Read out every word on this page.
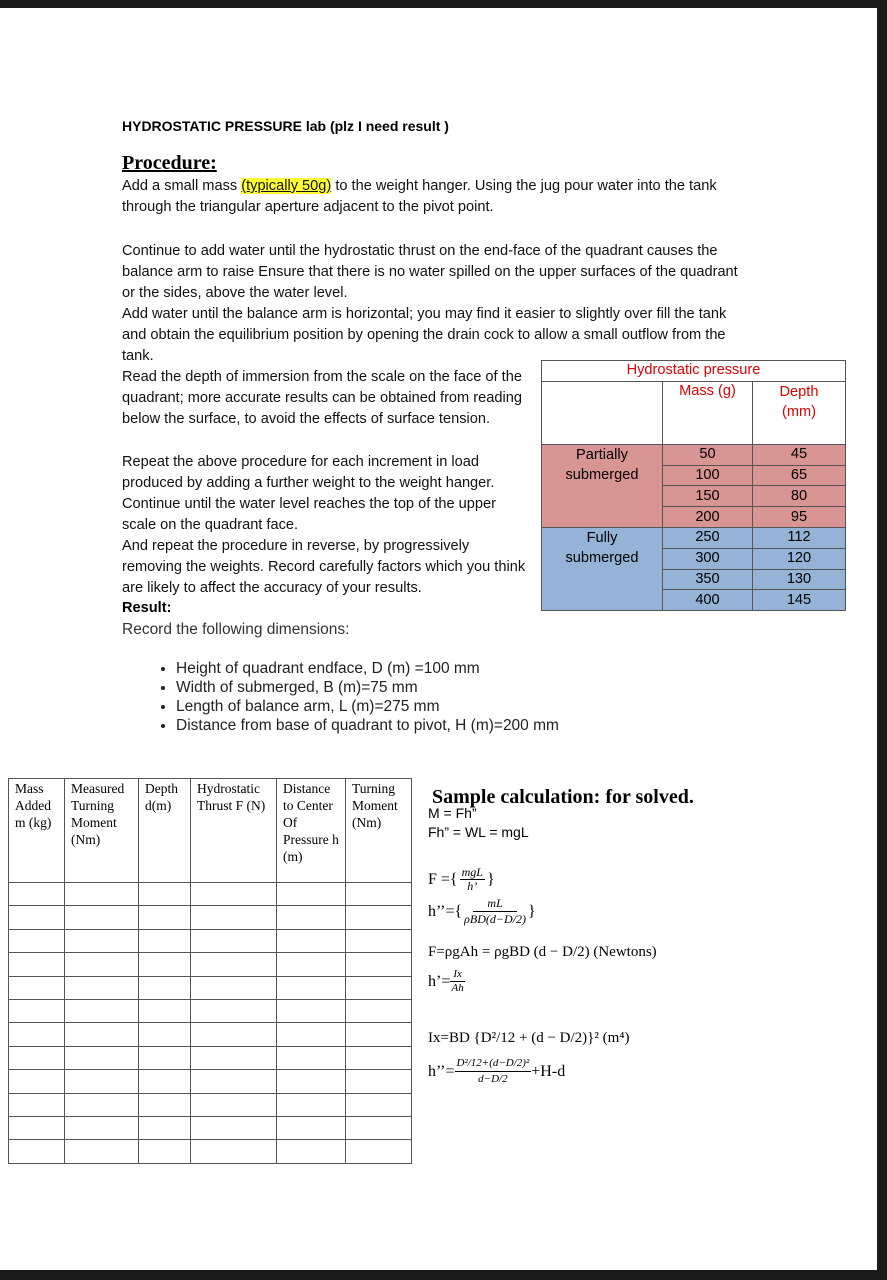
HYDROSTATIC PRESSURE lab (plz I need result )
Procedure:
Add a small mass (typically 50g) to the weight hanger. Using the jug pour water into the tank through the triangular aperture adjacent to the pivot point.
Continue to add water until the hydrostatic thrust on the end-face of the quadrant causes the balance arm to raise Ensure that there is no water spilled on the upper surfaces of the quadrant or the sides, above the water level.
Add water until the balance arm is horizontal; you may find it easier to slightly over fill the tank and obtain the equilibrium position by opening the drain cock to allow a small outflow from the tank.
Read the depth of immersion from the scale on the face of the quadrant; more accurate results can be obtained from reading below the surface, to avoid the effects of surface tension.
Repeat the above procedure for each increment in load produced by adding a further weight to the weight hanger. Continue until the water level reaches the top of the upper scale on the quadrant face.
And repeat the procedure in reverse, by progressively removing the weights. Record carefully factors which you think are likely to affect the accuracy of your results.
Result:
Record the following dimensions:
• Height of quadrant endface, D (m) =100 mm
• Width of submerged, B (m)=75 mm
• Length of balance arm, L (m)=275 mm
• Distance from base of quadrant to pivot, H (m)=200 mm
Hydrostatic pressure		
	Mass (g)	Depth (mm)
Partially submerged	50	45
	100	65
	150	80
	200	95
Fully submerged	250	112
	300	120
	350	130
	400	145
Mass Added m (kg)	Measured Turning Moment (Nm)	Depth d(m)	Hydrostatic Thrust F (N)	Distance to Center Of Pressure h (m)	Turning Moment (Nm)

Sample calculation: for solved.
M = Fh”
Fh” = WL = mgL
F ={ mgL
h’ }
h’’={	mL
ρBD(d−D/2) }
F=ρgAh = ρgBD (d − D/2) (Newtons)
h’= $\frac{Ix}{Ah}$
Ix=BD {D²/12 + (d − D/2)}² (m⁴)
h’’= $\frac{\text{D²/12+(d−D/2)²}}{d-D/2} +H-d$
